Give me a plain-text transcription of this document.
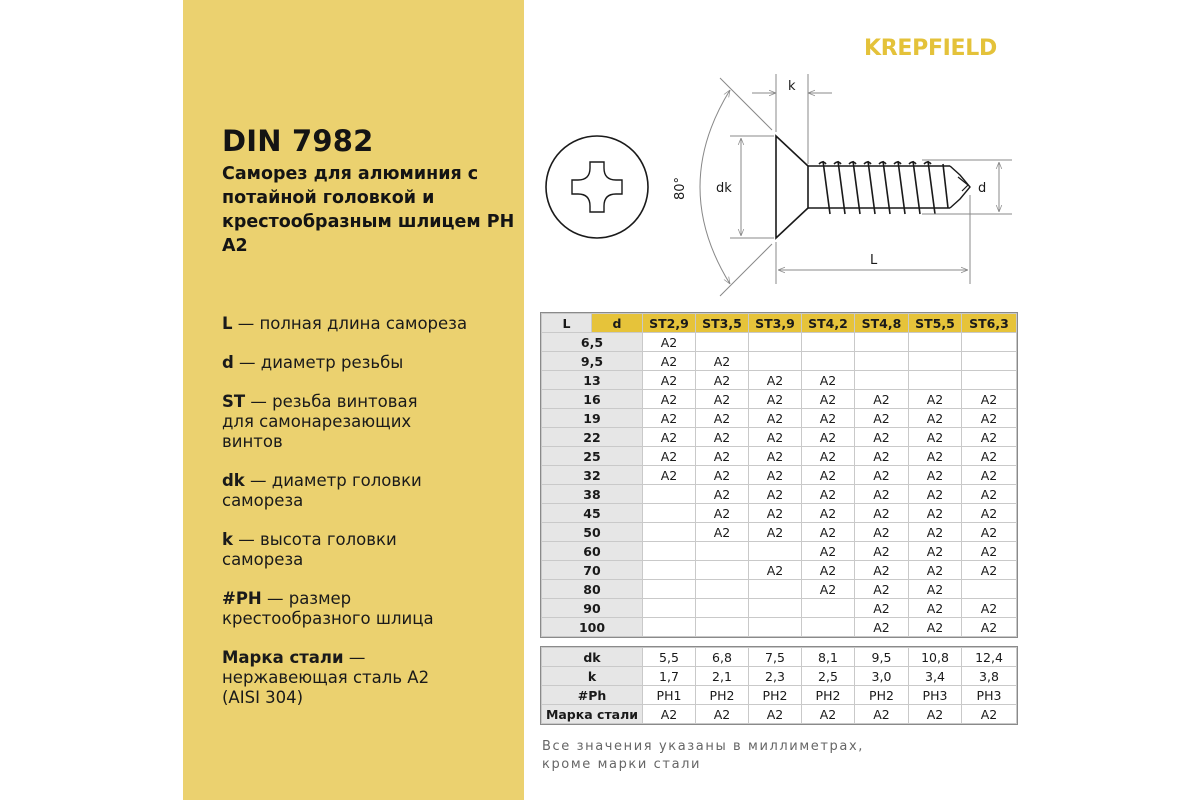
DIN 7982
Саморез для алюминия с потайной головкой и крестообразным шлицем PH A2
L — полная длина самореза
d — диаметр резьбы
ST — резьба винтовая для самонарезающих винтов
dk — диаметр головки самореза
k — высота головки самореза
#PH — размер крестообразного шлица
Марка стали — нержавеющая сталь A2 (AISI 304)
KREPFIELD
k
dk	d
L
80°
L	d	ST2,9	ST3,5	ST3,9	ST4,2	ST4,8	ST5,5	ST6,3
6,5		A2						
9,5		A2	A2					
13		A2	A2	A2	A2			
16		A2	A2	A2	A2	A2	A2	A2
19		A2	A2	A2	A2	A2	A2	A2
22		A2	A2	A2	A2	A2	A2	A2
25		A2	A2	A2	A2	A2	A2	A2
32		A2	A2	A2	A2	A2	A2	A2
38			A2	A2	A2	A2	A2	A2
45			A2	A2	A2	A2	A2	A2
50			A2	A2	A2	A2	A2	A2
60					A2	A2	A2	A2
70				A2	A2	A2	A2	A2
80					A2	A2	A2	
90						A2	A2	A2
100						A2	A2	A2
dk	5,5	6,8	7,5	8,1	9,5	10,8	12,4
k	1,7	2,1	2,3	2,5	3,0	3,4	3,8
#Ph	PH1	PH2	PH2	PH2	PH2	PH3	PH3
Марка стали	A2	A2	A2	A2	A2	A2	A2
Все значения указаны в миллиметрах, кроме марки стали
